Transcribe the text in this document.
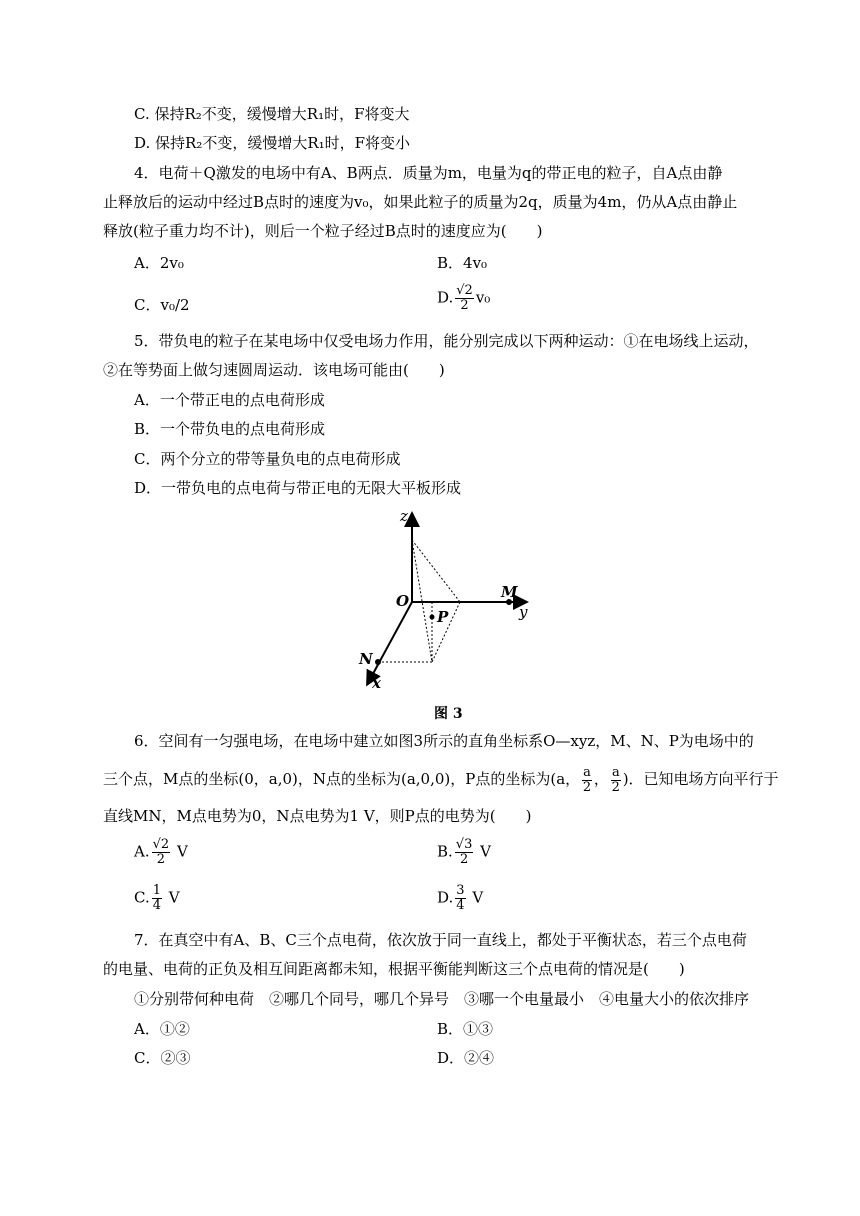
C. 保持R₂不变，缓慢增大R₁时，F将变大
D. 保持R₂不变，缓慢增大R₁时，F将变小
4．电荷＋Q激发的电场中有A、B两点．质量为m，电量为q的带正电的粒子，自A点由静
止释放后的运动中经过B点时的速度为v₀，如果此粒子的质量为2q，质量为4m，仍从A点由静止
释放(粒子重力均不计)，则后一个粒子经过B点时的速度应为(　　)
A．2v₀	B．4v₀
C．v₀/2	D. $\frac{√2}{2} v_0$
5．带负电的粒子在某电场中仅受电场力作用，能分别完成以下两种运动：①在电场线上运动，
②在等势面上做匀速圆周运动．该电场可能由(　　)
A．一个带正电的点电荷形成
B．一个带负电的点电荷形成
C．两个分立的带等量负电的点电荷形成
D．一带负电的点电荷与带正电的无限大平板形成
z
O	M
y
P
N
x
图 3
6．空间有一匀强电场，在电场中建立如图3所示的直角坐标系O—xyz，M、N、P为电场中的
三个点，M点的坐标(0，a,0)，N点的坐标为(a,0,0)，P点的坐标为(a， $\frac{a}{2}$ ， $\frac{a}{2}$ )．已知电场方向平行于
直线MN，M点电势为0，N点电势为1 V，则P点的电势为(　　)
A. $\frac{√2}{2}$ V	B. $\frac{√3}{2}$ V
C. $\frac{1}{4}$ V	D. $\frac{3}{4}$ V
7．在真空中有A、B、C三个点电荷，依次放于同一直线上，都处于平衡状态，若三个点电荷
的电量、电荷的正负及相互间距离都未知，根据平衡能判断这三个点电荷的情况是(　　)
①分别带何种电荷　②哪几个同号，哪几个异号　③哪一个电量最小　④电量大小的依次排序
A．①②	B．①③
C．②③	D．②④
